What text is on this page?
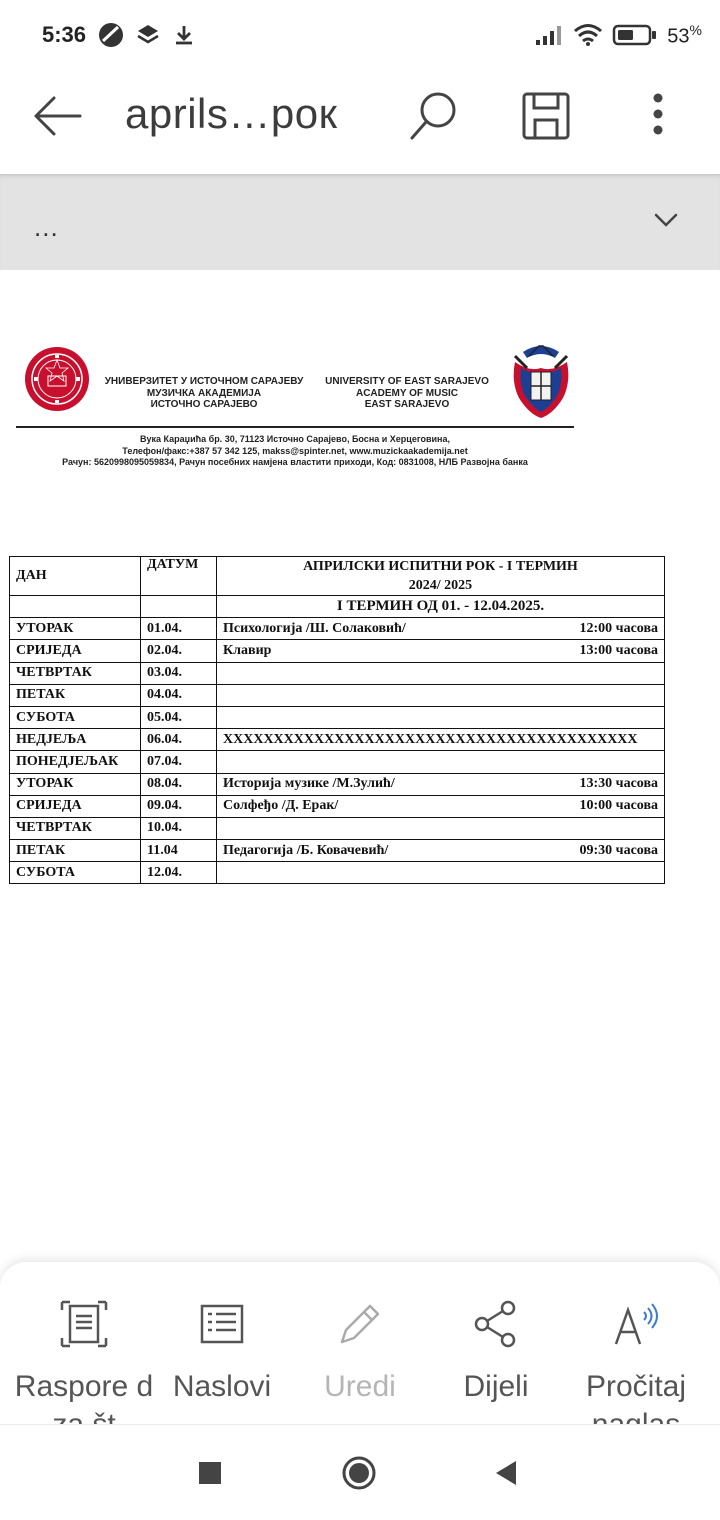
5:36	53%
aprils…рок
...
УНИВЕРЗИТЕТ У ИСТОЧНОМ САРАЈЕВУ
МУЗИЧКА АКАДЕМИЈА
ИСТОЧНО САРАЈЕВО
UNIVERSITY OF EAST SARAJEVO
ACADEMY OF MUSIC
EAST SARAJEVO
Вука Караџића бр. 30, 71123 Источно Сарајево, Босна и Херцеговина,
Телефон/факс:+387 57 342 125, makss@spinter.net, www.muzickaakademija.net
Рачун: 5620998095059834, Рачун посебних намјена властити приходи, Код: 0831008, НЛБ Развојна банка
ДАН	ДАТУМ	АПРИЛСКИ ИСПИТНИ РОК - I ТЕРМИН
2024/ 2025

		I ТЕРМИН ОД 01. - 12.04.2025.
УТОРАК	01.04.	Психологија /Ш. Солаковић/ 12:00 часова

СРИЈЕДА	02.04.	Клавир 13:00 часова

ЧЕТВРТАК	03.04.	

ПЕТАК	04.04.	

СУБОТА	05.04.	

НЕДЈЕЉА	06.04.	XXXXXXXXXXXXXXXXXXXXXXXXXXXXXXXXXXXXXXXXX

ПОНЕДЈЕЉАК	07.04.	

УТОРАК	08.04.	Историја музике /М.Зулић/ 13:30 часова

СРИЈЕДА	09.04.	Солфеђо /Д. Ерак/ 10:00 часова

ЧЕТВРТАК	10.04.	

ПЕТАК	11.04	Педагогија /Б. Ковачевић/ 09:30 часова

СУБОТА	12.04.	
Raspore d Naslovi	Uredi	Dijeli	Pročitaj
